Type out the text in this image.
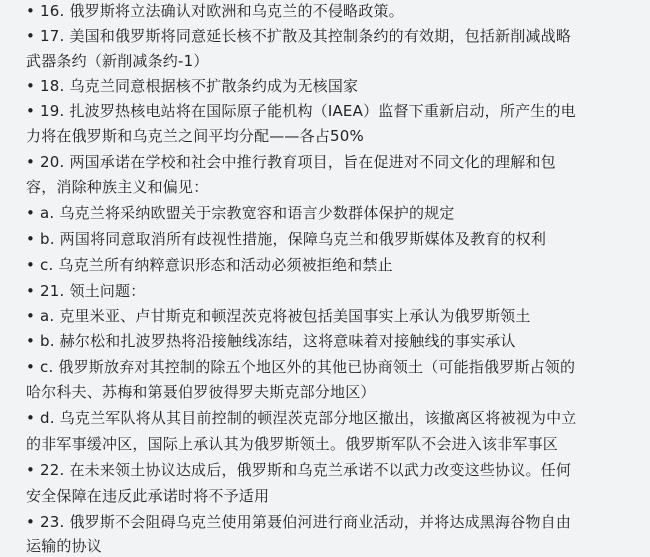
• 16. 俄罗斯将立法确认对欧洲和乌克兰的不侵略政策。
• 17. 美国和俄罗斯将同意延长核不扩散及其控制条约的有效期，包括新削减战略
武器条约（新削减条约-1）
• 18. 乌克兰同意根据核不扩散条约成为无核国家
• 19. 扎波罗热核电站将在国际原子能机构（IAEA）监督下重新启动，所产生的电
力将在俄罗斯和乌克兰之间平均分配——各占50%
• 20. 两国承诺在学校和社会中推行教育项目，旨在促进对不同文化的理解和包
容，消除种族主义和偏见：
• a. 乌克兰将采纳欧盟关于宗教宽容和语言少数群体保护的规定
• b. 两国将同意取消所有歧视性措施，保障乌克兰和俄罗斯媒体及教育的权利
• c. 乌克兰所有纳粹意识形态和活动必须被拒绝和禁止
• 21. 领土问题：
• a. 克里米亚、卢甘斯克和顿涅茨克将被包括美国事实上承认为俄罗斯领土
• b. 赫尔松和扎波罗热将沿接触线冻结，这将意味着对接触线的事实承认
• c. 俄罗斯放弃对其控制的除五个地区外的其他已协商领土（可能指俄罗斯占领的
哈尔科夫、苏梅和第聂伯罗彼得罗夫斯克部分地区）
• d. 乌克兰军队将从其目前控制的顿涅茨克部分地区撤出，该撤离区将被视为中立
的非军事缓冲区，国际上承认其为俄罗斯领土。俄罗斯军队不会进入该非军事区
• 22. 在未来领土协议达成后，俄罗斯和乌克兰承诺不以武力改变这些协议。任何
安全保障在违反此承诺时将不予适用
• 23. 俄罗斯不会阻碍乌克兰使用第聂伯河进行商业活动，并将达成黑海谷物自由
运输的协议
